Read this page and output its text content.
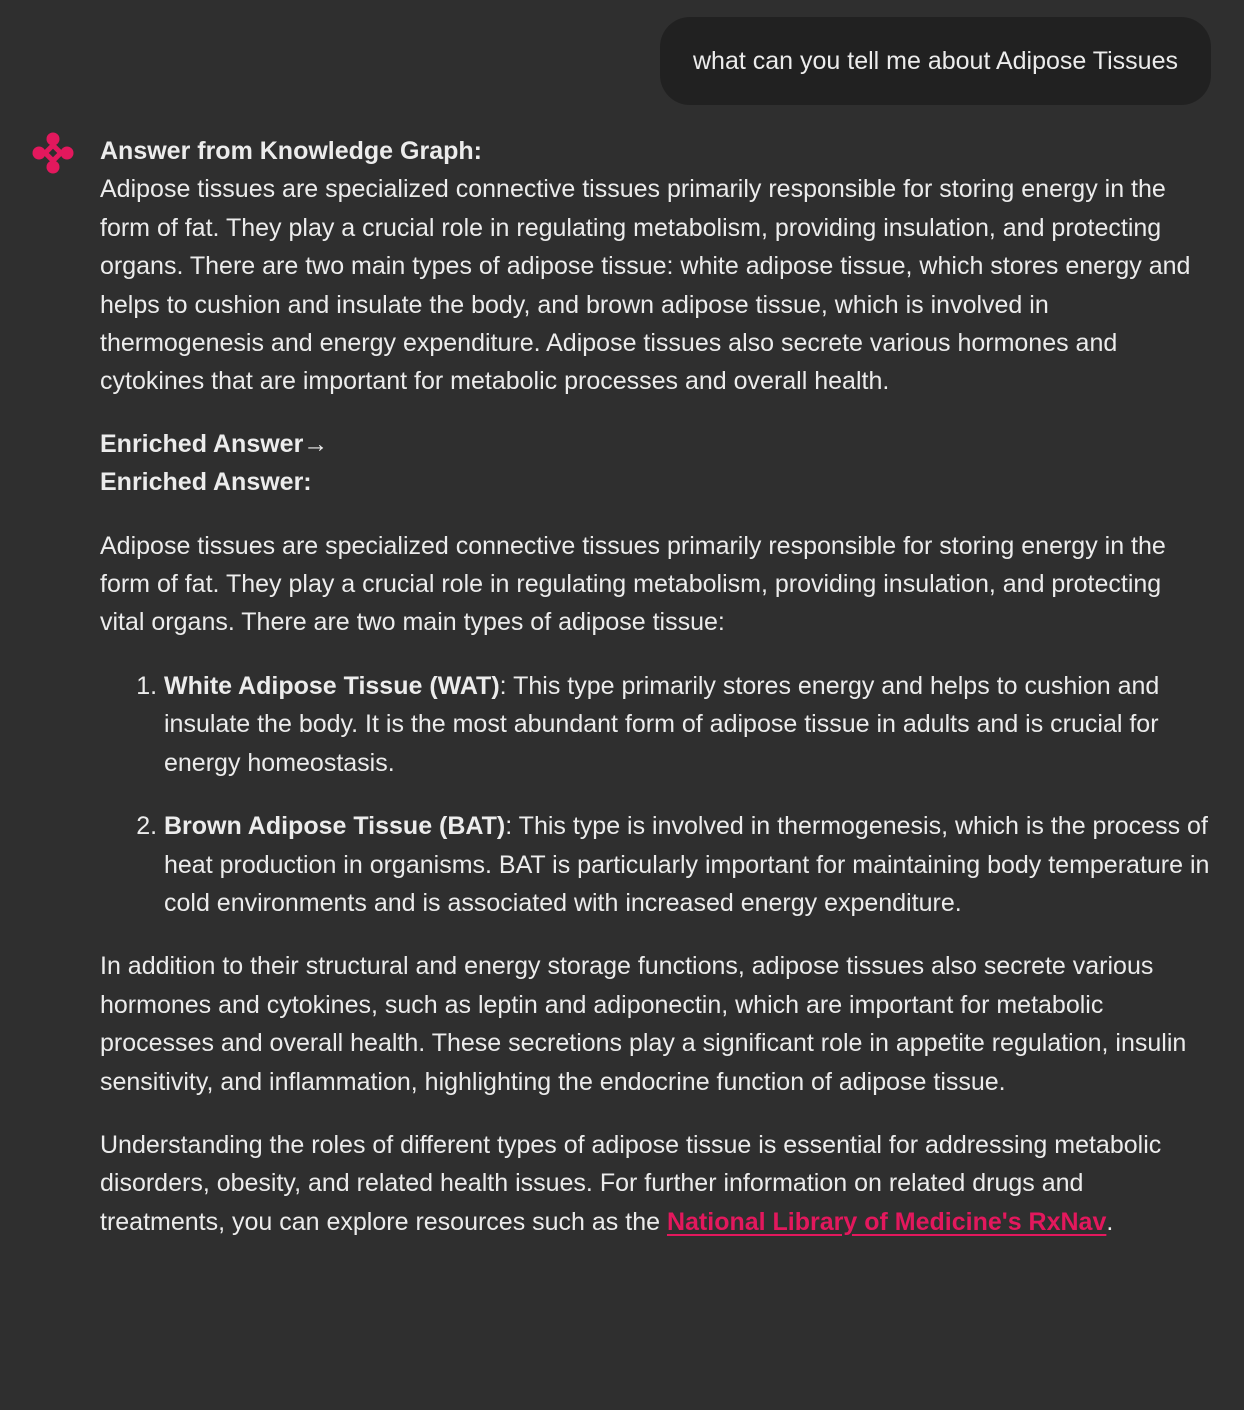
what can you tell me about Adipose Tissues

Answer from Knowledge Graph:

Adipose tissues are specialized connective tissues primarily responsible for storing energy in the form of fat. They play a crucial role in regulating metabolism, providing insulation, and protecting organs. There are two main types of adipose tissue: white adipose tissue, which stores energy and helps to cushion and insulate the body, and brown adipose tissue, which is involved in thermogenesis and energy expenditure. Adipose tissues also secrete various hormones and cytokines that are important for metabolic processes and overall health.

Enriched Answer→

Enriched Answer:

Adipose tissues are specialized connective tissues primarily responsible for storing energy in the form of fat. They play a crucial role in regulating metabolism, providing insulation, and protecting vital organs. There are two main types of adipose tissue:

1. White Adipose Tissue (WAT): This type primarily stores energy and helps to cushion and insulate the body. It is the most abundant form of adipose tissue in adults and is crucial for energy homeostasis.
2. Brown Adipose Tissue (BAT): This type is involved in thermogenesis, which is the process of heat production in organisms. BAT is particularly important for maintaining body temperature in cold environments and is associated with increased energy expenditure.

In addition to their structural and energy storage functions, adipose tissues also secrete various hormones and cytokines, such as leptin and adiponectin, which are important for metabolic processes and overall health. These secretions play a significant role in appetite regulation, insulin sensitivity, and inflammation, highlighting the endocrine function of adipose tissue.

Understanding the roles of different types of adipose tissue is essential for addressing metabolic disorders, obesity, and related health issues. For further information on related drugs and treatments, you can explore resources such as the National Library of Medicine's RxNav.
